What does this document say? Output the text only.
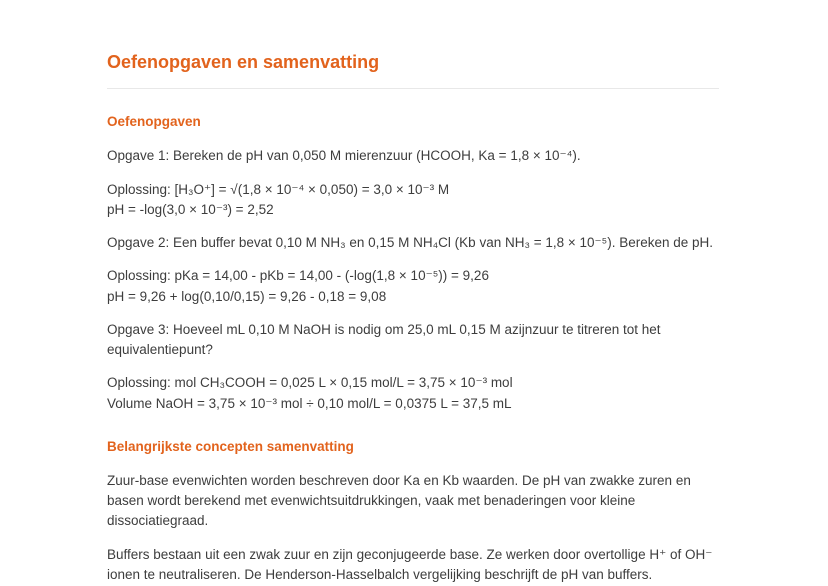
Oefenopgaven en samenvatting
Oefenopgaven

Opgave 1: Bereken de pH van 0,050 M mierenzuur (HCOOH, Ka = 1,8 × 10⁻⁴).

Oplossing: [H₃O⁺] = √(1,8 × 10⁻⁴ × 0,050) = 3,0 × 10⁻³ M
pH = -log(3,0 × 10⁻³) = 2,52

Opgave 2: Een buffer bevat 0,10 M NH₃ en 0,15 M NH₄Cl (Kb van NH₃ = 1,8 × 10⁻⁵). Bereken de pH.

Oplossing: pKa = 14,00 - pKb = 14,00 - (-log(1,8 × 10⁻⁵)) = 9,26
pH = 9,26 + log(0,10/0,15) = 9,26 - 0,18 = 9,08

Opgave 3: Hoeveel mL 0,10 M NaOH is nodig om 25,0 mL 0,15 M azijnzuur te titreren tot het equivalentiepunt?

Oplossing: mol CH₃COOH = 0,025 L × 0,15 mol/L = 3,75 × 10⁻³ mol
Volume NaOH = 3,75 × 10⁻³ mol ÷ 0,10 mol/L = 0,0375 L = 37,5 mL
Belangrijkste concepten samenvatting

Zuur-base evenwichten worden beschreven door Ka en Kb waarden. De pH van zwakke zuren en basen wordt berekend met evenwichtsuitdrukkingen, vaak met benaderingen voor kleine dissociatiegraad.

Buffers bestaan uit een zwak zuur en zijn geconjugeerde base. Ze werken door overtollige H⁺ of OH⁻ ionen te neutraliseren. De Henderson-Hasselbalch vergelijking beschrijft de pH van buffers.
